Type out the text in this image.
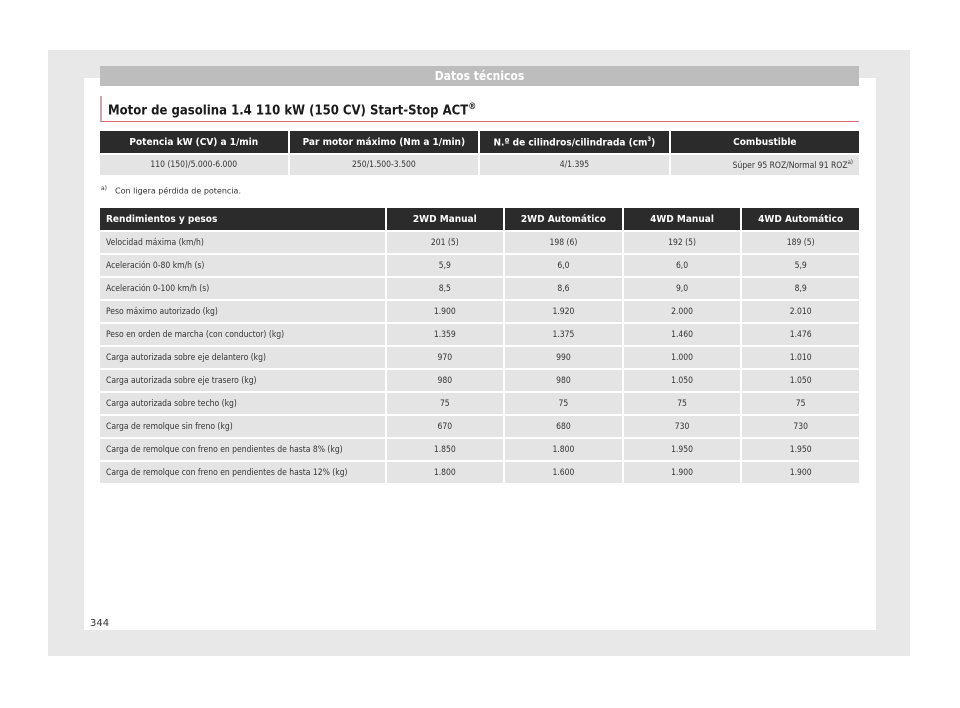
Datos técnicos
Motor de gasolina 1.4 110 kW (150 CV) Start-Stop ACT®
Potencia kW (CV) a 1/min	Par motor máximo (Nm a 1/min)	N.º de cilindros/cilindrada $(cm^3)$	Combustible
110 (150)/5.000-6.000	250/1.500-3.500	4/1.395	Súper 95 ROZ/Normal 91 ROZ$^{a)}$
$^{a)}$ Con ligera pérdida de potencia.
Rendimientos y pesos	2WD Manual	2WD Automático	4WD Manual	4WD Automático
Velocidad máxima (km/h)	201 (5)	198 (6)	192 (5)	189 (5)
Aceleración 0-80 km/h (s)	5,9	6,0	6,0	5,9
Aceleración 0-100 km/h (s)	8,5	8,6	9,0	8,9
Peso máximo autorizado (kg)	1.900	1.920	2.000	2.010
Peso en orden de marcha (con conductor) (kg)	1.359	1.375	1.460	1.476
Carga autorizada sobre eje delantero (kg)	970	990	1.000	1.010
Carga autorizada sobre eje trasero (kg)	980	980	1.050	1.050
Carga autorizada sobre techo (kg)	75	75	75	75
Carga de remolque sin freno (kg)	670	680	730	730
Carga de remolque con freno en pendientes de hasta 8% (kg)	1.850	1.800	1.950	1.950
Carga de remolque con freno en pendientes de hasta 12% (kg)	1.800	1.600	1.900	1.900
344
